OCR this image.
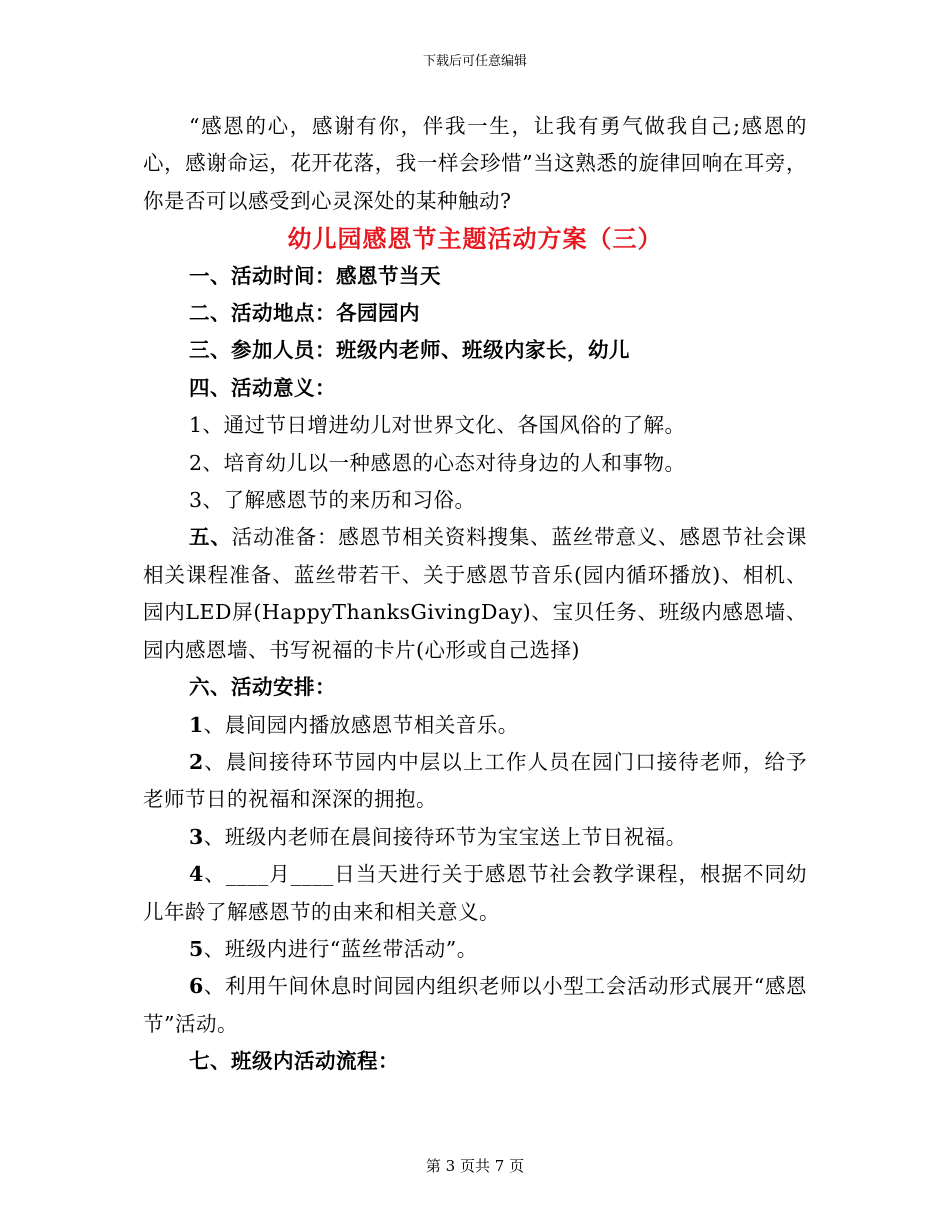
下载后可任意编辑

“感恩的心，感谢有你，伴我一生，让我有勇气做我自己;感恩的心，感谢命运，花开花落，我一样会珍惜”当这熟悉的旋律回响在耳旁，你是否可以感受到心灵深处的某种触动?

幼儿园感恩节主题活动方案（三）

一、活动时间：感恩节当天

二、活动地点：各园园内

三、参加人员：班级内老师、班级内家长，幼儿

四、活动意义：

1、通过节日增进幼儿对世界文化、各国风俗的了解。

2、培育幼儿以一种感恩的心态对待身边的人和事物。

3、了解感恩节的来历和习俗。

五、活动准备：感恩节相关资料搜集、蓝丝带意义、感恩节社会课相关课程准备、蓝丝带若干、关于感恩节音乐(园内循环播放)、相机、园内LED屏(HappyThanksGivingDay)、宝贝任务、班级内感恩墙、园内感恩墙、书写祝福的卡片(心形或自己选择)

六、活动安排：

1、晨间园内播放感恩节相关音乐。

2、晨间接待环节园内中层以上工作人员在园门口接待老师，给予老师节日的祝福和深深的拥抱。

3、班级内老师在晨间接待环节为宝宝送上节日祝福。

4、____月____日当天进行关于感恩节社会教学课程，根据不同幼儿年龄了解感恩节的由来和相关意义。

5、班级内进行“蓝丝带活动”。

6、利用午间休息时间园内组织老师以小型工会活动形式展开“感恩节”活动。

七、班级内活动流程：

第 3 页共 7 页
